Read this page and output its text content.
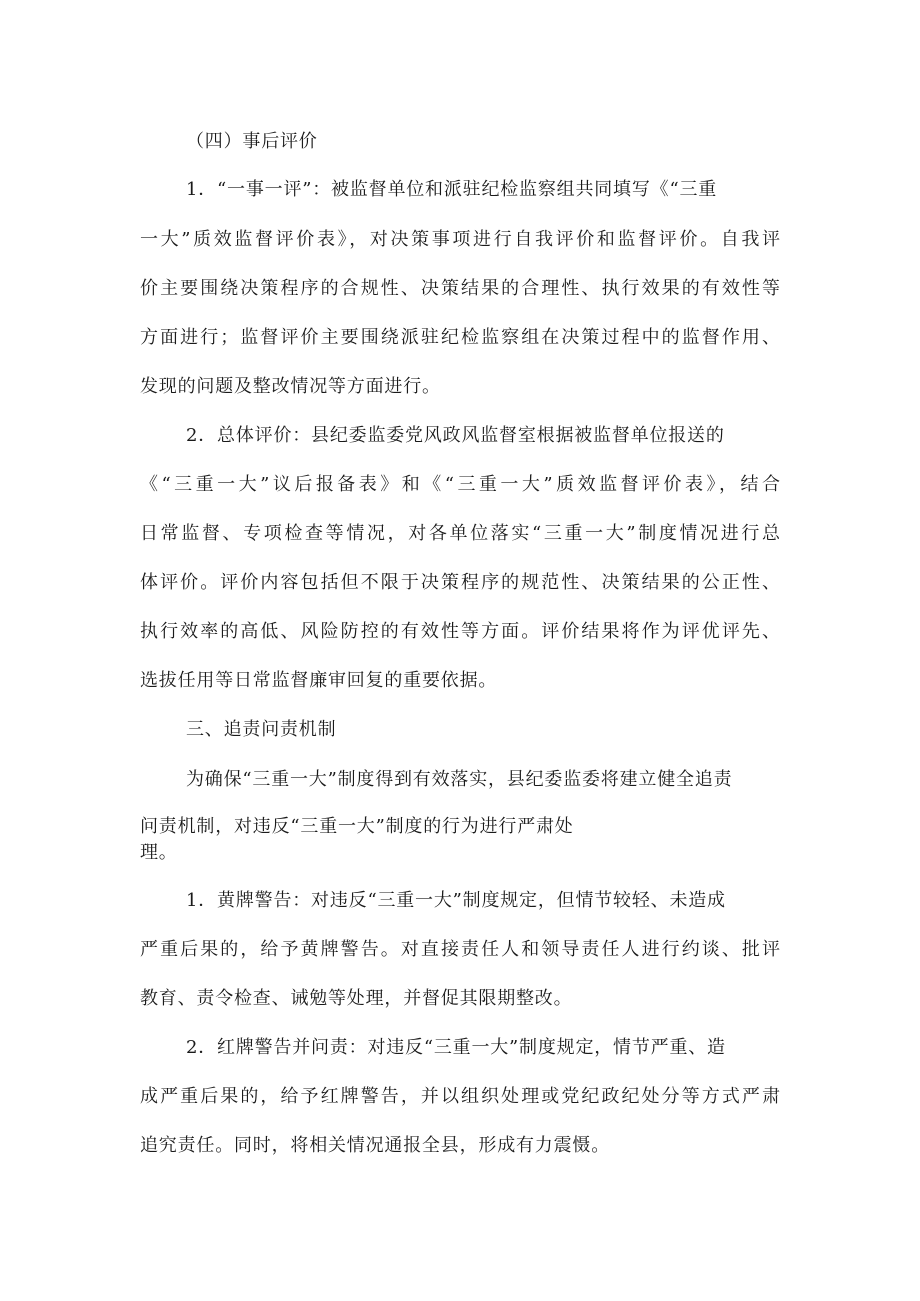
（四）事后评价
1．“一事一评”：被监督单位和派驻纪检监察组共同填写《“三重
一大”质效监督评价表》，对决策事项进行自我评价和监督评价。自我评
价主要围绕决策程序的合规性、决策结果的合理性、执行效果的有效性等
方面进行；监督评价主要围绕派驻纪检监察组在决策过程中的监督作用、
发现的问题及整改情况等方面进行。
2．总体评价：县纪委监委党风政风监督室根据被监督单位报送的
《“三重一大”议后报备表》和《“三重一大”质效监督评价表》，结合
日常监督、专项检查等情况，对各单位落实“三重一大”制度情况进行总
体评价。评价内容包括但不限于决策程序的规范性、决策结果的公正性、
执行效率的高低、风险防控的有效性等方面。评价结果将作为评优评先、
选拔任用等日常监督廉审回复的重要依据。
三、追责问责机制
为确保“三重一大”制度得到有效落实，县纪委监委将建立健全追责
问责机制，对违反“三重一大”制度的行为进行严肃处
理。
1．黄牌警告：对违反“三重一大”制度规定，但情节较轻、未造成
严重后果的，给予黄牌警告。对直接责任人和领导责任人进行约谈、批评
教育、责令检查、诫勉等处理，并督促其限期整改。
2．红牌警告并问责：对违反“三重一大”制度规定，情节严重、造
成严重后果的，给予红牌警告，并以组织处理或党纪政纪处分等方式严肃
追究责任。同时，将相关情况通报全县，形成有力震慑。
